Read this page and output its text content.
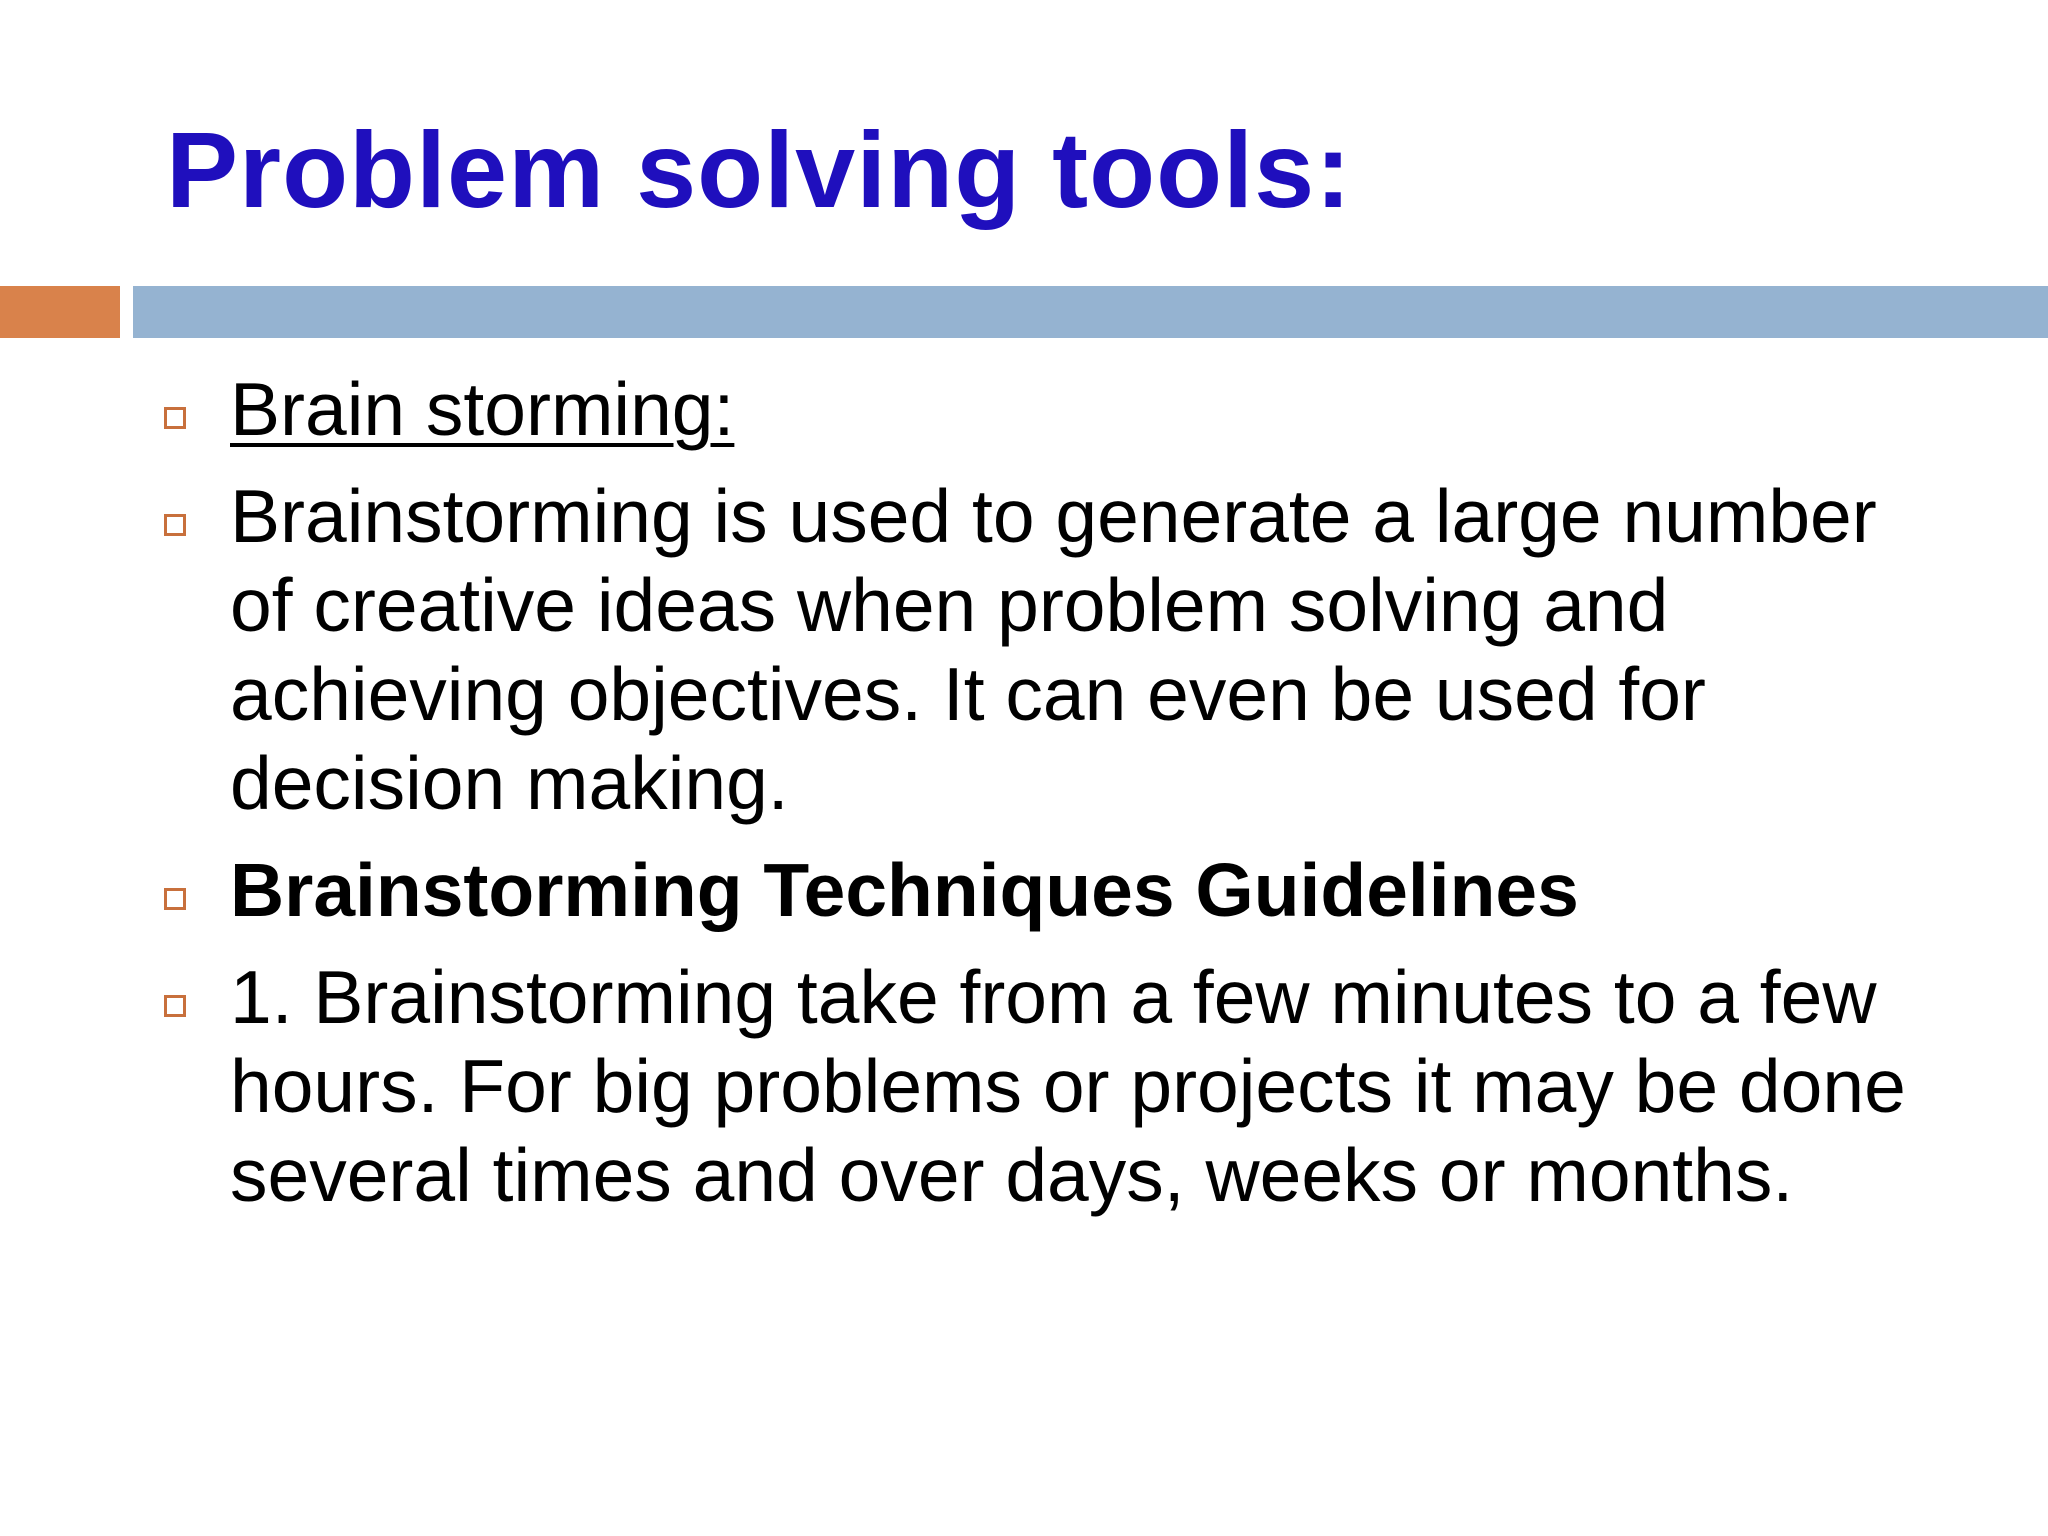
Problem solving tools:
Brain storming:
Brainstorming is used to generate a large number of creative ideas when problem solving and achieving objectives. It can even be used for decision making.
Brainstorming Techniques Guidelines
1. Brainstorming take from a few minutes to a few hours. For big problems or projects it may be done several times and over days, weeks or months.
